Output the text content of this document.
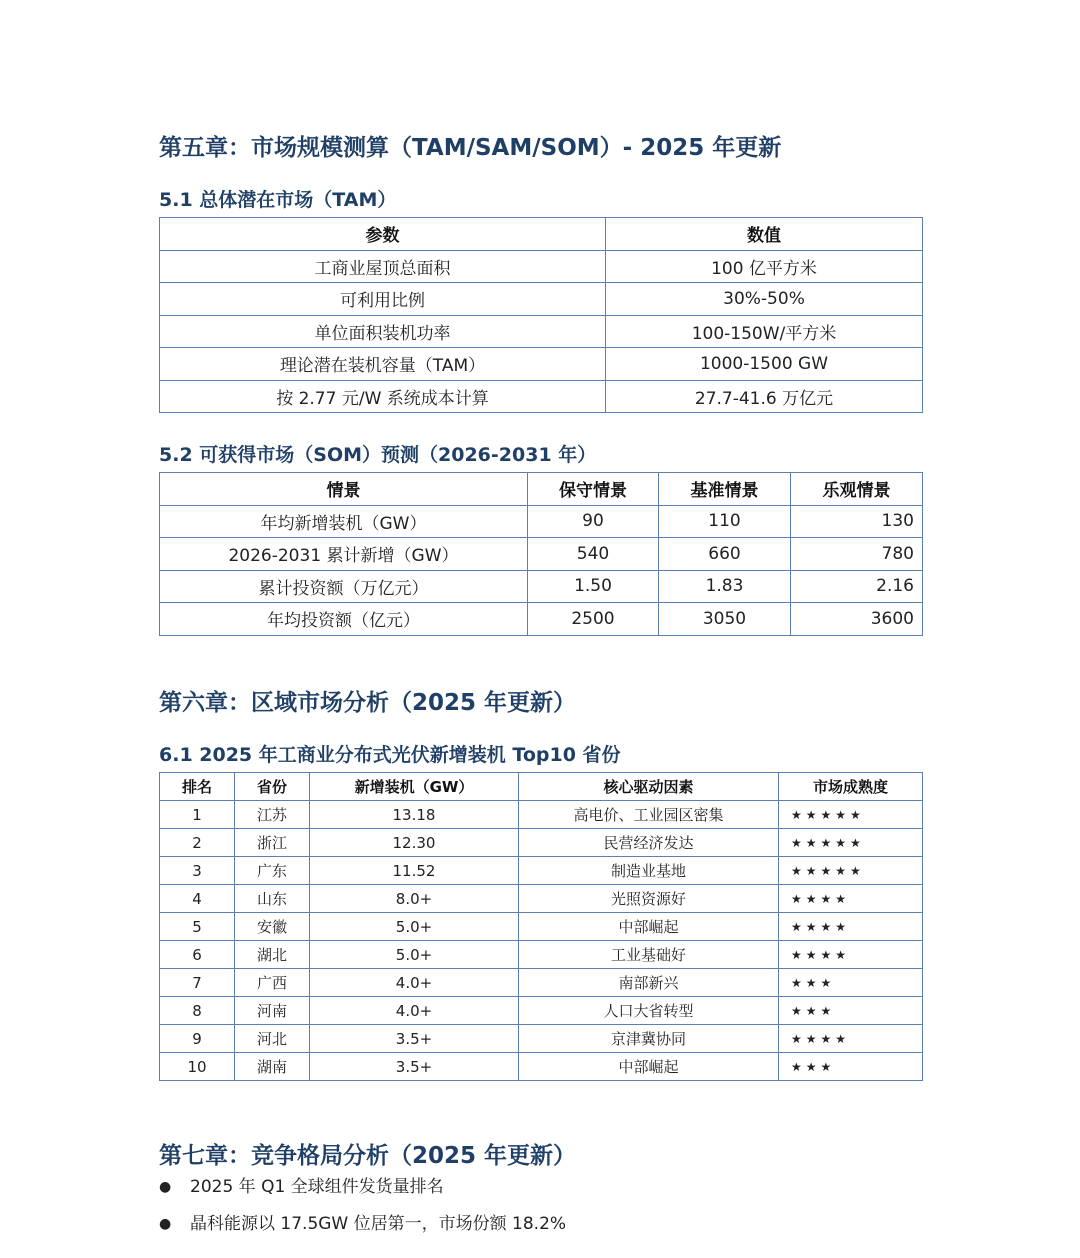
第五章：市场规模测算（TAM/SAM/SOM）- 2025 年更新
5.1 总体潜在市场（TAM）
参数	数值
工商业屋顶总面积	100 亿平方米
可利用比例	30%-50%
单位面积装机功率	100-150W/平方米
理论潜在装机容量（TAM）	1000-1500 GW
按 2.77 元/W 系统成本计算	27.7-41.6 万亿元
5.2 可获得市场（SOM）预测（2026-2031 年）
情景	保守情景	基准情景	乐观情景
年均新增装机（GW）	90	110	130
2026-2031 累计新增（GW）	540	660	780
累计投资额（万亿元）	1.50	1.83	2.16
年均投资额（亿元）	2500	3050	3600
第六章：区域市场分析（2025 年更新）
6.1 2025 年工商业分布式光伏新增装机 Top10 省份
排名	省份	新增装机（GW）	核心驱动因素	市场成熟度
1	江苏	13.18	高电价、工业园区密集	★★★★★
2	浙江	12.30	民营经济发达	★★★★★
3	广东	11.52	制造业基地	★★★★★
4	山东	8.0+	光照资源好	★★★★
5	安徽	5.0+	中部崛起	★★★★
6	湖北	5.0+	工业基础好	★★★★
7	广西	4.0+	南部新兴	★★★
8	河南	4.0+	人口大省转型	★★★
9	河北	3.5+	京津冀协同	★★★★
10	湖南	3.5+	中部崛起	★★★
第七章：竞争格局分析（2025 年更新）
● 2025 年 Q1 全球组件发货量排名
● 晶科能源以 17.5GW 位居第一，市场份额 18.2%
